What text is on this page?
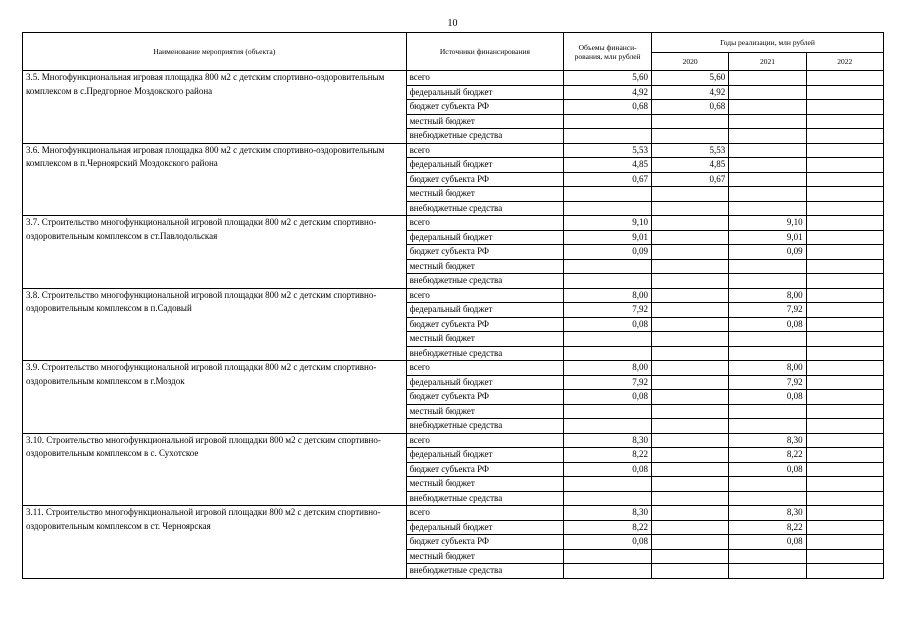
10
Наименование мероприятия (объекта)	Источники финансирования	Объемы финанси-рования, млн рублей	Годы реализации, млн рублей		
			2020	2021	2022
3.5. Многофункциональная игровая площадка 800 м2 с детским спортивно-оздоровительным комплексом в с.Предгорное Моздокского района	всего	5,60	5,60		
	федеральный бюджет	4,92	4,92		
	бюджет субъекта РФ	0,68	0,68		
	местный бюджет				
	внебюджетные средства				
3.6. Многофункциональная игровая площадка 800 м2 с детским спортивно-оздоровительным комплексом в п.Черноярский Моздокского района	всего	5,53	5,53		
	федеральный бюджет	4,85	4,85		
	бюджет субъекта РФ	0,67	0,67		
	местный бюджет				
	внебюджетные средства				
3.7. Строительство многофункциональной игровой площадки 800 м2 с детским спортивно-оздоровительным комплексом в ст.Павлодольская	всего	9,10		9,10	
	федеральный бюджет	9,01		9,01	
	бюджет субъекта РФ	0,09		0,09	
	местный бюджет				
	внебюджетные средства				
3.8. Строительство многофункциональной игровой площадки 800 м2 с детским спортивно-оздоровительным комплексом в п.Садовый	всего	8,00		8,00	
	федеральный бюджет	7,92		7,92	
	бюджет субъекта РФ	0,08		0,08	
	местный бюджет				
	внебюджетные средства				
3.9. Строительство многофункциональной игровой площадки 800 м2 с детским спортивно-оздоровительным комплексом в г.Моздок	всего	8,00		8,00	
	федеральный бюджет	7,92		7,92	
	бюджет субъекта РФ	0,08		0,08	
	местный бюджет				
	внебюджетные средства				
3.10. Строительство многофункциональной игровой площадки 800 м2 с детским спортивно-оздоровительным комплексом в с. Сухотское	всего	8,30		8,30	
	федеральный бюджет	8,22		8,22	
	бюджет субъекта РФ	0,08		0,08	
	местный бюджет				
	внебюджетные средства				
3.11. Строительство многофункциональной игровой площадки 800 м2 с детским спортивно-оздоровительным комплексом в ст. Черноярская	всего	8,30		8,30	
	федеральный бюджет	8,22		8,22	
	бюджет субъекта РФ	0,08		0,08	
	местный бюджет				
	внебюджетные средства				
